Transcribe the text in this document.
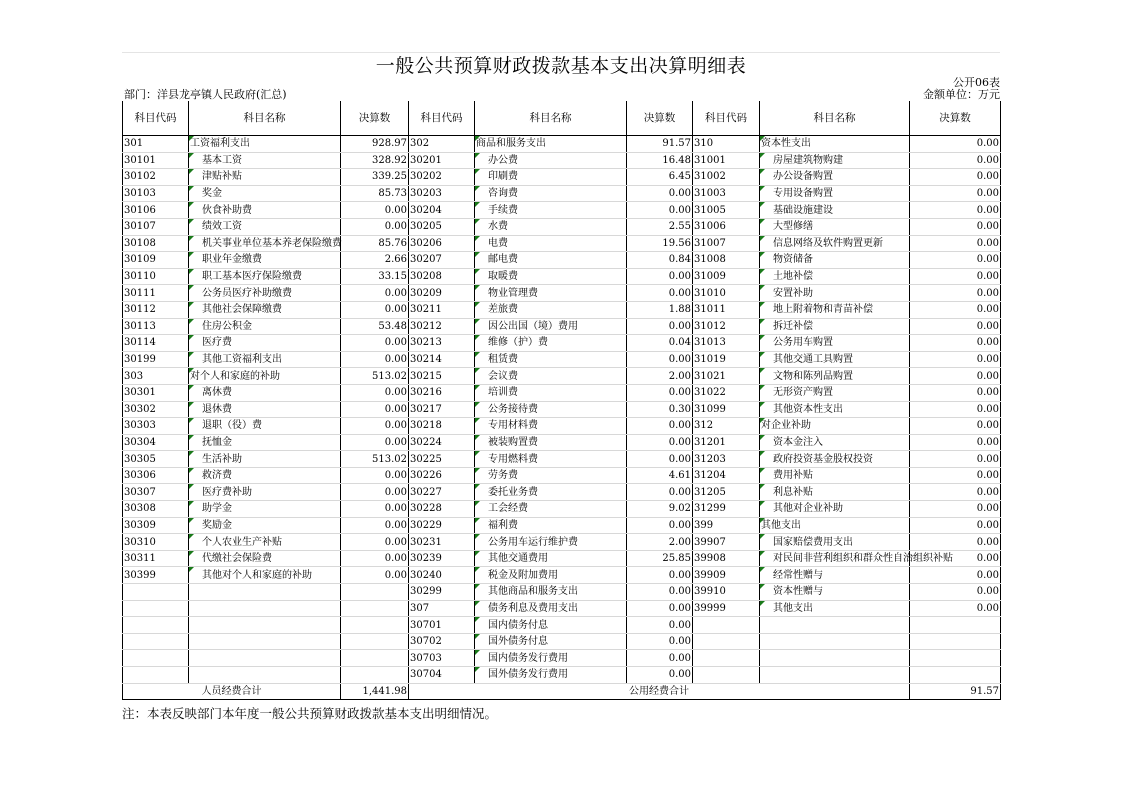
一般公共预算财政拨款基本支出决算明细表
公开06表
金额单位：万元
部门：洋县龙亭镇人民政府(汇总)
科目代码	科目名称	决算数	科目代码	科目名称	决算数	科目代码	科目名称	决算数
301	工资福利支出	928.97	302	商品和服务支出	91.57	310	资本性支出	0.00
30101	基本工资	328.92	30201	办公费	16.48	31001	房屋建筑物购建	0.00
30102	津贴补贴	339.25	30202	印刷费	6.45	31002	办公设备购置	0.00
30103	奖金	85.73	30203	咨询费	0.00	31003	专用设备购置	0.00
30106	伙食补助费	0.00	30204	手续费	0.00	31005	基础设施建设	0.00
30107	绩效工资	0.00	30205	水费	2.55	31006	大型修缮	0.00
30108	机关事业单位基本养老保险缴费	85.76	30206	电费	19.56	31007	信息网络及软件购置更新	0.00
30109	职业年金缴费	2.66	30207	邮电费	0.84	31008	物资储备	0.00
30110	职工基本医疗保险缴费	33.15	30208	取暖费	0.00	31009	土地补偿	0.00
30111	公务员医疗补助缴费	0.00	30209	物业管理费	0.00	31010	安置补助	0.00
30112	其他社会保障缴费	0.00	30211	差旅费	1.88	31011	地上附着物和青苗补偿	0.00
30113	住房公积金	53.48	30212	因公出国（境）费用	0.00	31012	拆迁补偿	0.00
30114	医疗费	0.00	30213	维修（护）费	0.04	31013	公务用车购置	0.00
30199	其他工资福利支出	0.00	30214	租赁费	0.00	31019	其他交通工具购置	0.00
303	对个人和家庭的补助	513.02	30215	会议费	2.00	31021	文物和陈列品购置	0.00
30301	离休费	0.00	30216	培训费	0.00	31022	无形资产购置	0.00
30302	退休费	0.00	30217	公务接待费	0.30	31099	其他资本性支出	0.00
30303	退职（役）费	0.00	30218	专用材料费	0.00	312	对企业补助	0.00
30304	抚恤金	0.00	30224	被装购置费	0.00	31201	资本金注入	0.00
30305	生活补助	513.02	30225	专用燃料费	0.00	31203	政府投资基金股权投资	0.00
30306	救济费	0.00	30226	劳务费	4.61	31204	费用补贴	0.00
30307	医疗费补助	0.00	30227	委托业务费	0.00	31205	利息补贴	0.00
30308	助学金	0.00	30228	工会经费	9.02	31299	其他对企业补助	0.00
30309	奖励金	0.00	30229	福利费	0.00	399	其他支出	0.00
30310	个人农业生产补贴	0.00	30231	公务用车运行维护费	2.00	39907	国家赔偿费用支出	0.00
30311	代缴社会保险费	0.00	30239	其他交通费用	25.85	39908	对民间非营利组织和群众性自治组织补贴	0.00
30399	其他对个人和家庭的补助	0.00	30240	税金及附加费用	0.00	39909	经常性赠与	0.00
			30299	其他商品和服务支出	0.00	39910	资本性赠与	0.00
			307	债务利息及费用支出	0.00	39999	其他支出	0.00
			30701	国内债务付息	0.00			
			30702	国外债务付息	0.00			
			30703	国内债务发行费用	0.00			
			30704	国外债务发行费用	0.00			
人员经费合计		1,441.98	公用经费合计					91.57
注：本表反映部门本年度一般公共预算财政拨款基本支出明细情况。
